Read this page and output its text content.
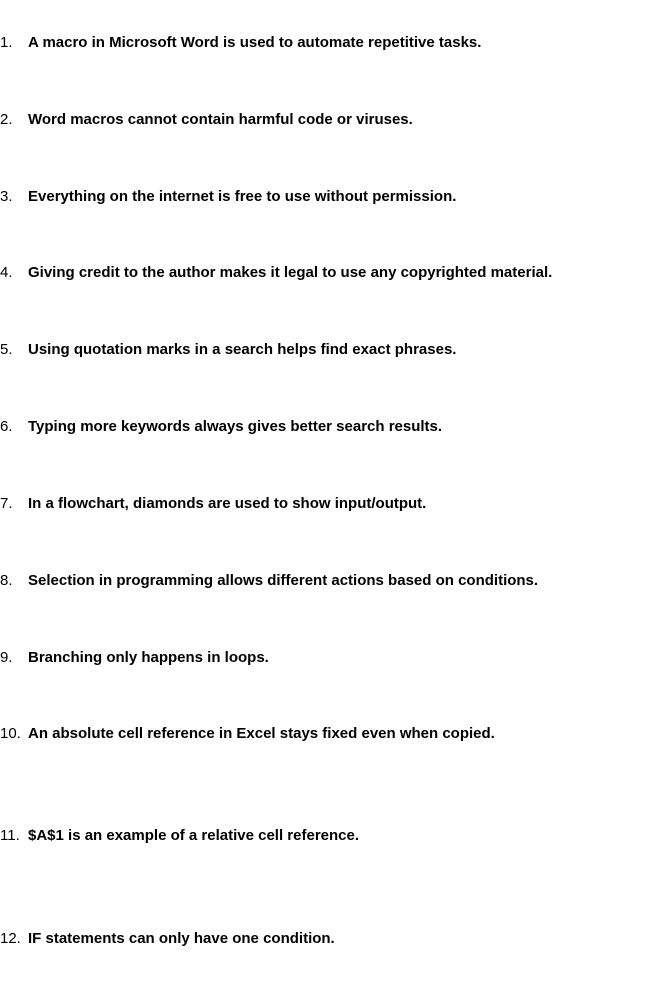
1. A macro in Microsoft Word is used to automate repetitive tasks.
2. Word macros cannot contain harmful code or viruses.
3. Everything on the internet is free to use without permission.
4. Giving credit to the author makes it legal to use any copyrighted material.
5. Using quotation marks in a search helps find exact phrases.
6. Typing more keywords always gives better search results.
7. In a flowchart, diamonds are used to show input/output.
8. Selection in programming allows different actions based on conditions.
9. Branching only happens in loops.
10. An absolute cell reference in Excel stays fixed even when copied.
11. $A$1 is an example of a relative cell reference.
12. IF statements can only have one condition.
